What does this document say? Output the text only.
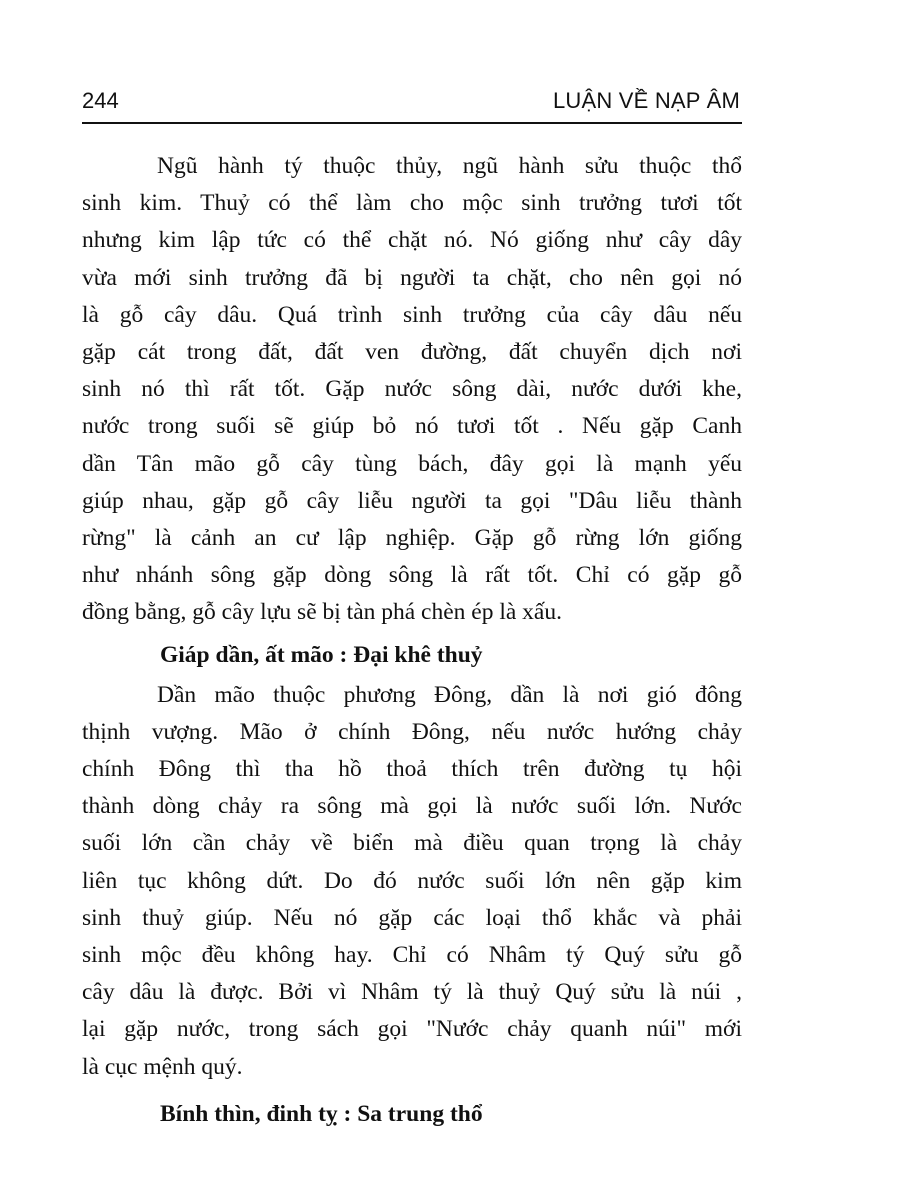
244	LUẬN VỀ NẠP ÂM
Ngũ hành tý thuộc thủy, ngũ hành sửu thuộc thổ
sinh kim. Thuỷ có thể làm cho mộc sinh trưởng tươi tốt
nhưng kim lập tức có thể chặt nó. Nó giống như cây dây
vừa mới sinh trưởng đã bị người ta chặt, cho nên gọi nó
là gỗ cây dâu. Quá trình sinh trưởng của cây dâu nếu
gặp cát trong đất, đất ven đường, đất chuyển dịch nơi
sinh nó thì rất tốt. Gặp nước sông dài, nước dưới khe,
nước trong suối sẽ giúp bỏ nó tươi tốt . Nếu gặp Canh
dần Tân mão gỗ cây tùng bách, đây gọi là mạnh yếu
giúp nhau, gặp gỗ cây liễu người ta gọi "Dâu liễu thành
rừng" là cảnh an cư lập nghiệp. Gặp gỗ rừng lớn giống
như nhánh sông gặp dòng sông là rất tốt. Chỉ có gặp gỗ
đồng bằng, gỗ cây lựu sẽ bị tàn phá chèn ép là xấu.
Giáp dần, ất mão : Đại khê thuỷ
Dần mão thuộc phương Đông, dần là nơi gió đông
thịnh vượng. Mão ở chính Đông, nếu nước hướng chảy
chính Đông thì tha hồ thoả thích trên đường tụ hội
thành dòng chảy ra sông mà gọi là nước suối lớn. Nước
suối lớn cần chảy về biển mà điều quan trọng là chảy
liên tục không dứt. Do đó nước suối lớn nên gặp kim
sinh thuỷ giúp. Nếu nó gặp các loại thổ khắc và phải
sinh mộc đều không hay. Chỉ có Nhâm tý Quý sửu gỗ
cây dâu là được. Bởi vì Nhâm tý là thuỷ Quý sửu là núi ,
lại gặp nước, trong sách gọi "Nước chảy quanh núi" mới
là cục mệnh quý.
Bính thìn, đinh tỵ : Sa trung thổ
